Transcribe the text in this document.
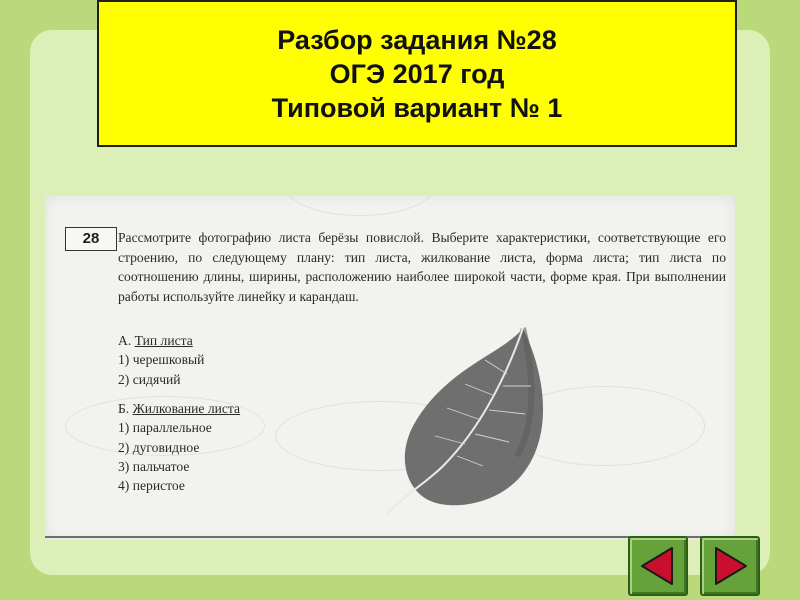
Разбор задания №28
ОГЭ 2017 год
Типовой вариант № 1
28	Рассмотрите фотографию листа берёзы повислой. Выберите характеристики, соответствующие его строению, по следующему плану: тип листа, жилкование листа, форма листа; тип листа по соотношению длины, ширины, расположению наиболее широкой части, форме края. При выполнении работы используйте линейку и карандаш.
А. Тип листа
1) черешковый
2) сидячий
Б. Жилкование листа
1) параллельное
2) дуговидное
3) пальчатое
4) перистое
